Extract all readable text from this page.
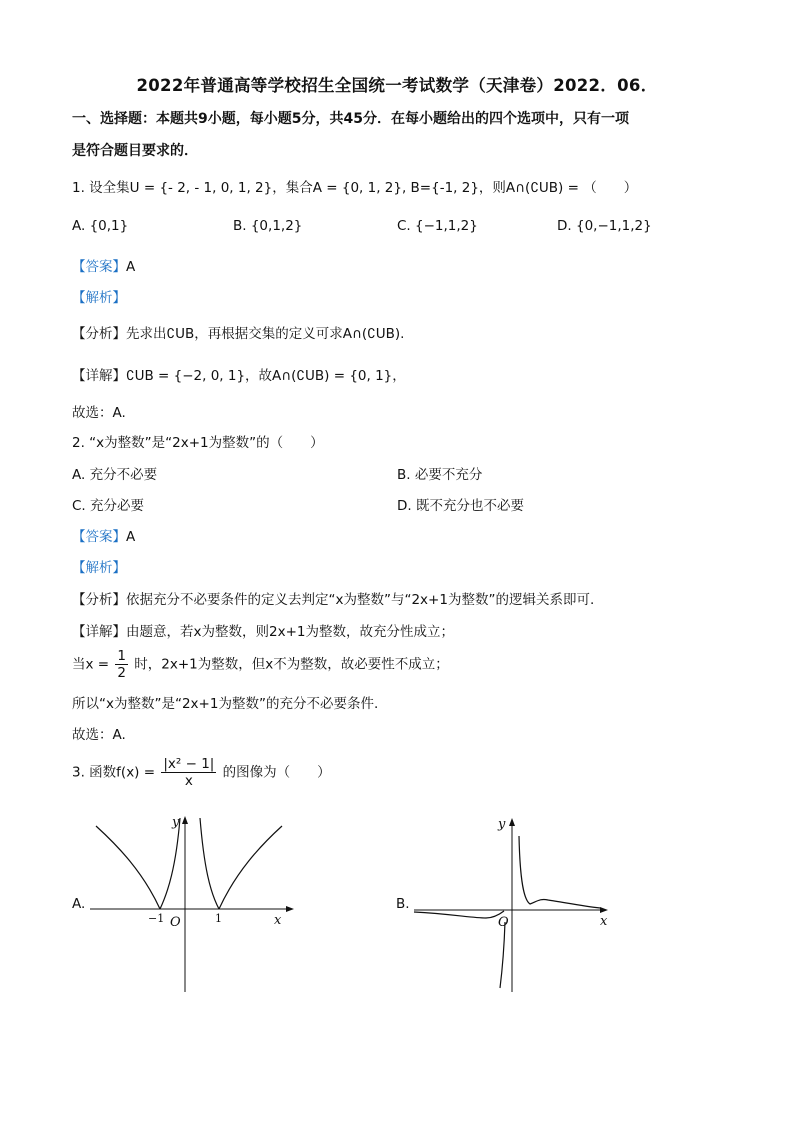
2022年普通高等学校招生全国统一考试数学（天津卷）2022．06．
一、选择题：本题共9小题，每小题5分，共45分．在每小题给出的四个选项中，只有一项
是符合题目要求的．
1. 设全集U = {- 2, - 1, 0, 1, 2}，集合A = {0, 1, 2}, B={-1, 2}，则A∩(∁UB) = （　　）
A. {0,1}	B. {0,1,2}	C. {−1,1,2}	D. {0,−1,1,2}
【答案】A
【解析】
【分析】先求出∁UB，再根据交集的定义可求A∩(∁UB).
【详解】∁UB = {−2, 0, 1}，故A∩(∁UB) = {0, 1}，
故选：A.
2. “x为整数”是“2x+1为整数”的（　　）
A. 充分不必要	B. 必要不充分
C. 充分必要	D. 既不充分也不必要
【答案】A
【解析】
【分析】依据充分不必要条件的定义去判定“x为整数”与“2x+1为整数”的逻辑关系即可.
【详解】由题意，若x为整数，则2x+1为整数，故充分性成立；
当$x = \frac{1}{2}$ 时，2x+1为整数，但x不为整数，故必要性不成立；
所以“x为整数”是“2x+1为整数”的充分不必要条件.
故选：A.
3. 函数$f(x) = \frac{\text{|x² − 1|}}{x}$ 的图像为（　　）
A.
y
x
O
−1	1
B.
y
x
O
